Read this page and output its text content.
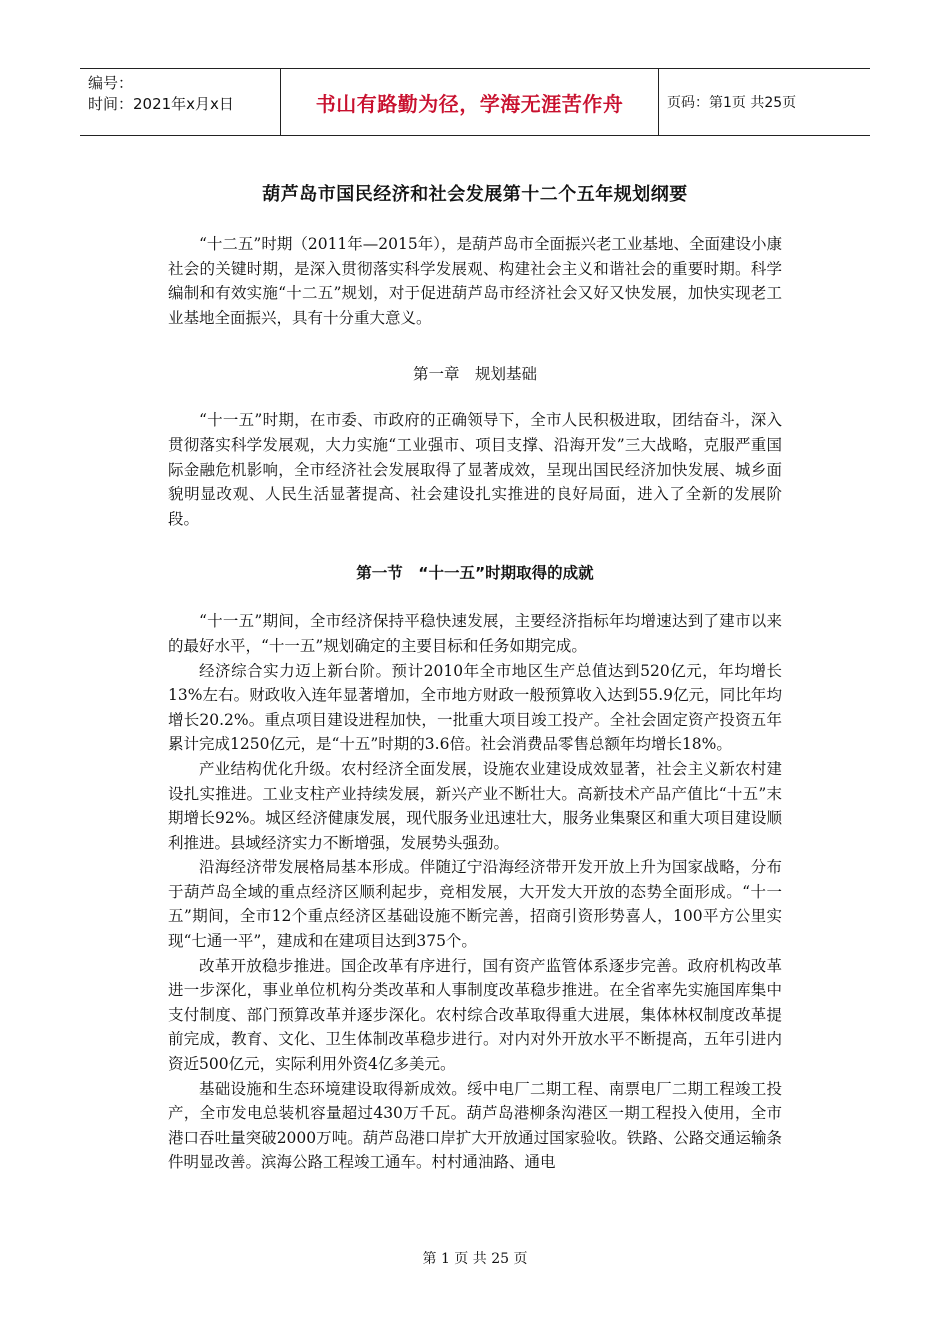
编号：
时间：2021年x月x日	书山有路勤为径，学海无涯苦作舟	页码：第1页 共25页
葫芦岛市国民经济和社会发展第十二个五年规划纲要

“十二五”时期（2011年—2015年），是葫芦岛市全面振兴老工业基地、全面建设小康社会的关键时期，是深入贯彻落实科学发展观、构建社会主义和谐社会的重要时期。科学编制和有效实施“十二五”规划，对于促进葫芦岛市经济社会又好又快发展，加快实现老工业基地全面振兴，具有十分重大意义。

第一章　规划基础

“十一五”时期，在市委、市政府的正确领导下，全市人民积极进取，团结奋斗，深入贯彻落实科学发展观，大力实施“工业强市、项目支撑、沿海开发”三大战略，克服严重国际金融危机影响，全市经济社会发展取得了显著成效，呈现出国民经济加快发展、城乡面貌明显改观、人民生活显著提高、社会建设扎实推进的良好局面，进入了全新的发展阶段。

第一节　“十一五”时期取得的成就

“十一五”期间，全市经济保持平稳快速发展，主要经济指标年均增速达到了建市以来的最好水平，“十一五”规划确定的主要目标和任务如期完成。

经济综合实力迈上新台阶。预计2010年全市地区生产总值达到520亿元，年均增长13%左右。财政收入连年显著增加，全市地方财政一般预算收入达到55.9亿元，同比年均增长20.2%。重点项目建设进程加快，一批重大项目竣工投产。全社会固定资产投资五年累计完成1250亿元，是“十五”时期的3.6倍。社会消费品零售总额年均增长18%。

产业结构优化升级。农村经济全面发展，设施农业建设成效显著，社会主义新农村建设扎实推进。工业支柱产业持续发展，新兴产业不断壮大。高新技术产品产值比“十五”末期增长92%。城区经济健康发展，现代服务业迅速壮大，服务业集聚区和重大项目建设顺利推进。县域经济实力不断增强，发展势头强劲。

沿海经济带发展格局基本形成。伴随辽宁沿海经济带开发开放上升为国家战略，分布于葫芦岛全域的重点经济区顺利起步，竞相发展，大开发大开放的态势全面形成。“十一五”期间，全市12个重点经济区基础设施不断完善，招商引资形势喜人，100平方公里实现“七通一平”，建成和在建项目达到375个。

改革开放稳步推进。国企改革有序进行，国有资产监管体系逐步完善。政府机构改革进一步深化，事业单位机构分类改革和人事制度改革稳步推进。在全省率先实施国库集中支付制度、部门预算改革并逐步深化。农村综合改革取得重大进展，集体林权制度改革提前完成，教育、文化、卫生体制改革稳步进行。对内对外开放水平不断提高，五年引进内资近500亿元，实际利用外资4亿多美元。

基础设施和生态环境建设取得新成效。绥中电厂二期工程、南票电厂二期工程竣工投产，全市发电总装机容量超过430万千瓦。葫芦岛港柳条沟港区一期工程投入使用，全市港口吞吐量突破2000万吨。葫芦岛港口岸扩大开放通过国家验收。铁路、公路交通运输条件明显改善。滨海公路工程竣工通车。村村通油路、通电

第 1 页 共 25 页
